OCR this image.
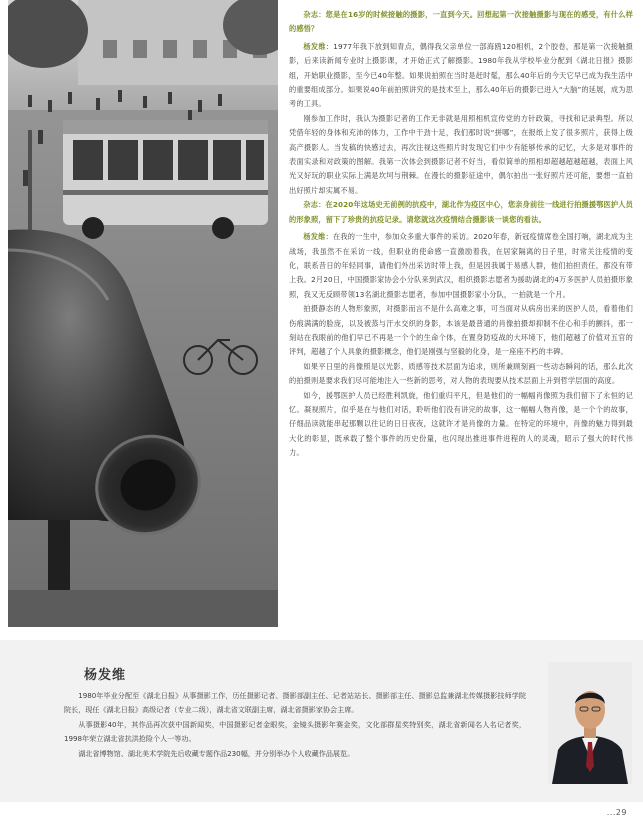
杂志：您是在16岁的时候接触的摄影，一直到今天。回想起第一次接触摄影与现在的感受，有什么样的感悟？

杨发维：1977年我下放到知青点，偶得我父亲单位一部海鸥120相机，2个胶卷，那是第一次接触摄影，后来读新闻专业时上摄影课，才开始正式了解摄影。1980年我从学校毕业分配到《湖北日报》摄影组，开始职业摄影，至今已40年整。如果说拍照在当时是赶时髦，那么40年后的今天它早已成为我生活中的重要组成部分。如果说40年前拍照讲究的是技术至上，那么40年后的摄影已进入“大脑”的延展，成为思考的工具。

刚参加工作时，我认为摄影记者的工作无非就是用照相机宣传党的方针政策，寻找和记录典型。所以凭借年轻的身体和充沛的体力，工作中干劲十足，我们那时说“拼哪”，在报纸上发了很多照片，获得上级高产摄影人。当发稿的快感过去，再次注视这些照片时发现它们中少有能够传承的记忆，大多是对事件的表面实录和对政策的图解。我第一次体会到摄影记者不好当，看似简单的照相却超越超越超越，表面上风光又好玩的职业实际上满是坎坷与荆棘。在漫长的摄影征途中，偶尔拍出一张好照片还可能，要想一直拍出好照片却实属不易。

杂志：在2020年这场史无前例的抗疫中，湖北作为疫区中心，您亲身前往一线进行拍摄援鄂医护人员的形象照，留下了珍贵的抗疫记录。请您就这次疫情结合摄影谈一谈您的看法。

杨发维：在我的一生中，参加众多重大事件的采访。2020年春，新冠疫情席卷全国打响，湖北成为主战场，我虽然不在采访一线，但职业的使命感一直激励着我，在居家隔离的日子里，时常关注疫情的变化，联系昔日的年轻同事，请他们外出采访时带上我，但是因我属于易感人群，他们拍担责任，都没有带上我。2月20日，中国摄影家协会小分队来到武汉，组织摄影志愿者为援助湖北的4万多医护人员拍摄形象照，我又无反顾带领13名湖北摄影志愿者，参加中国摄影家小分队，一拍就是一个月。

拍摄静态的人物形象照，对摄影而言不是什么高难之事，可当面对从病房出来的医护人员，看着他们伤痕满满的脸庞，以及被蒸与汗水交织的身影，本该是最普通的肖像拍摄却抑制不住心和手的颤抖，那一刻站在我眼前的他们早已不再是一个个的生命个体，在置身防疫战的大环境下，他们超越了价值对五官的评判，超越了个人具象的摄影概念，他们是刚强与坚毅的化身，是一座座不朽的丰碑。

如果平日里的肖像照是以光影、质感等技术层面为追求，则所兼顾刻画一些动态瞬间的话，那么此次的拍摄则是要求我们尽可能地注入一些新的思考，对人物的表现要从技术层面上升到哲学层面的高度。

如今，援鄂医护人员已经胜利凯旋，他们重归平凡，但是他们的一幅幅肖像照为我们留下了永恒的记忆。凝视照片，似乎是在与他们对话，聆听他们没有讲完的故事，这一幅幅人物肖像，是一个个的故事，仔细品读就能串起那颗以往记的日日夜夜，这就许才是肖像的力量。在特定的环境中，肖像的魅力得到最大化的彰显，既承载了整个事件的历史份量，也闪现出推进事件进程的人的灵魂，昭示了强大的时代伟力。

杨发维

1980年毕业分配至《湖北日报》从事摄影工作，历任摄影记者、摄影部副主任、记者站站长、摄影部主任、摄影总监兼湖北传媒摄影技师学院院长，现任《湖北日报》高级记者（专业二级），湖北省文联副主席，湖北省摄影家协会主席。

从事摄影40年，其作品再次获中国新闻奖，中国摄影记者金眼奖，金镜头摄影年赛金奖，文化部群星奖特别奖，湖北省新闻名人名记者奖，1998年荣立湖北省抗洪抢险个人一等功。

湖北省博物馆、湖北美术学院先后收藏专题作品230幅，并分别举办个人收藏作品展览。

...29
